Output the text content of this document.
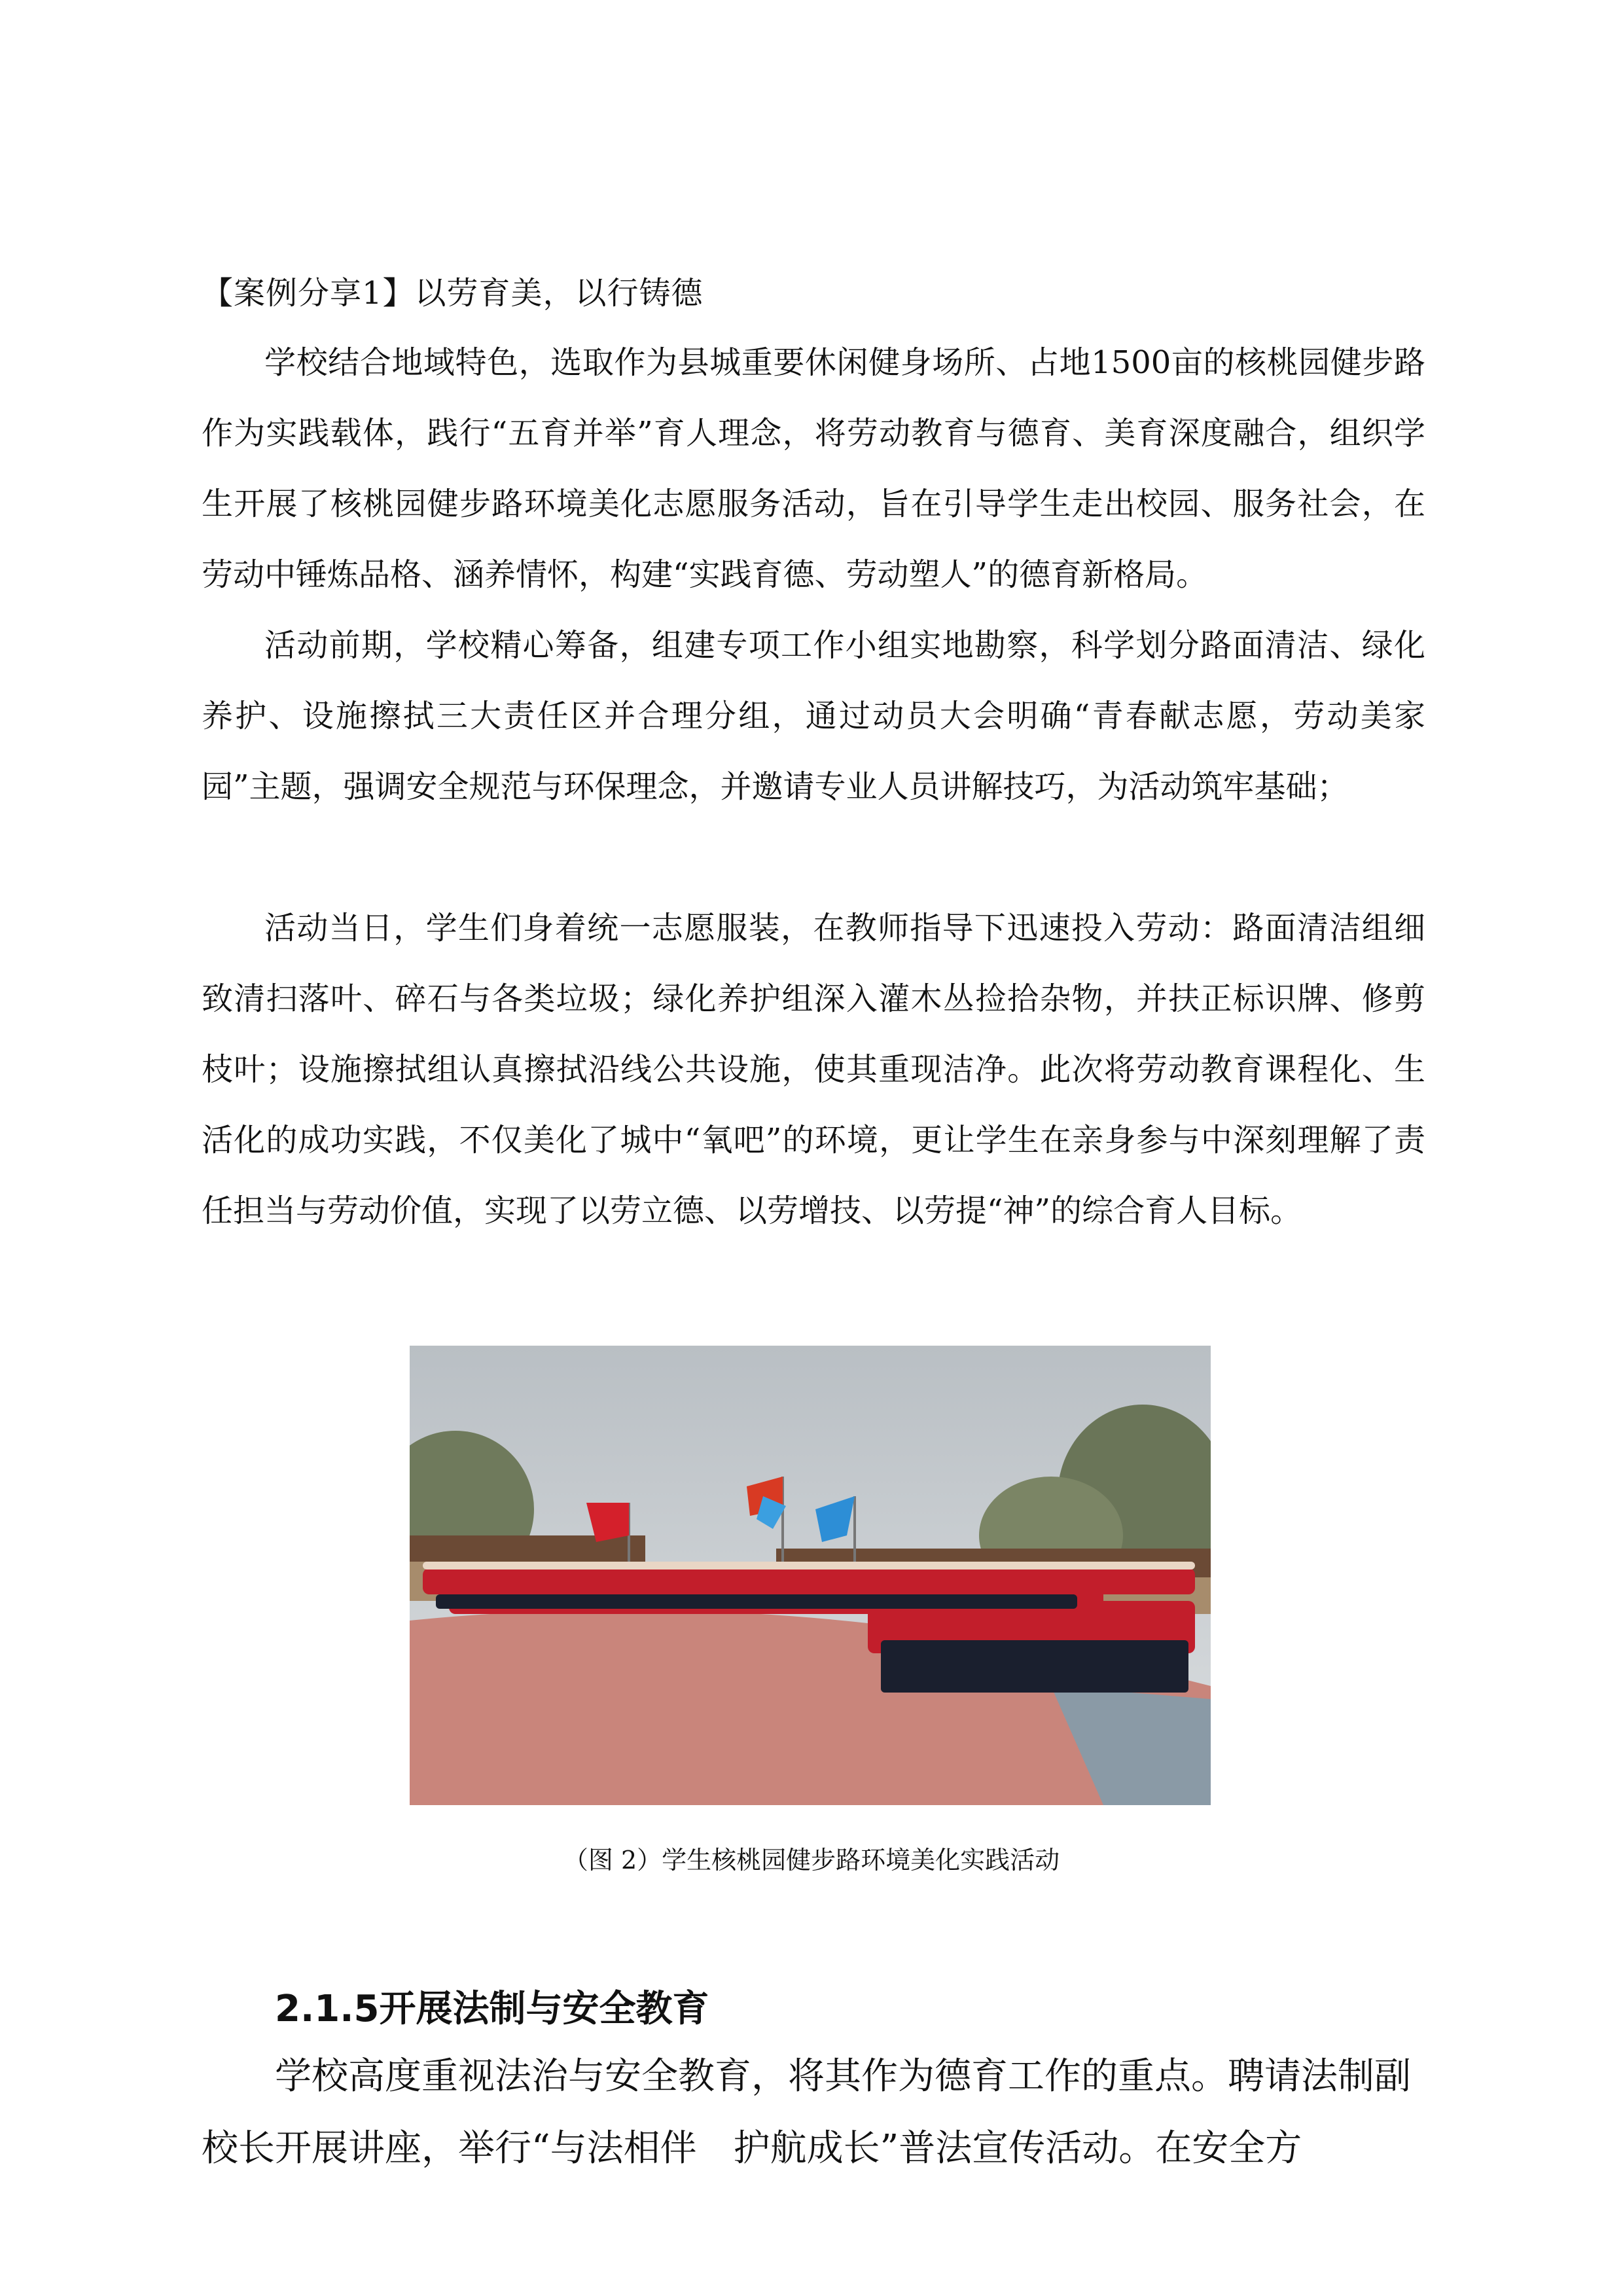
【案例分享1】以劳育美，以行铸德

学校结合地域特色，选取作为县城重要休闲健身场所、占地1500亩的核桃园健步路作为实践载体，践行“五育并举”育人理念，将劳动教育与德育、美育深度融合，组织学生开展了核桃园健步路环境美化志愿服务活动，旨在引导学生走出校园、服务社会，在劳动中锤炼品格、涵养情怀，构建“实践育德、劳动塑人”的德育新格局。

活动前期，学校精心筹备，组建专项工作小组实地勘察，科学划分路面清洁、绿化养护、设施擦拭三大责任区并合理分组，通过动员大会明确“青春献志愿，劳动美家园”主题，强调安全规范与环保理念，并邀请专业人员讲解技巧，为活动筑牢基础；

活动当日，学生们身着统一志愿服装，在教师指导下迅速投入劳动：路面清洁组细致清扫落叶、碎石与各类垃圾；绿化养护组深入灌木丛捡拾杂物，并扶正标识牌、修剪枝叶；设施擦拭组认真擦拭沿线公共设施，使其重现洁净。此次将劳动教育课程化、生活化的成功实践，不仅美化了城中“氧吧”的环境，更让学生在亲身参与中深刻理解了责任担当与劳动价值，实现了以劳立德、以劳增技、以劳提“神”的综合育人目标。

（图 2）学生核桃园健步路环境美化实践活动
2.1.5开展法制与安全教育

学校高度重视法治与安全教育，将其作为德育工作的重点。聘请法制副校长开展讲座，举行“与法相伴　护航成长”普法宣传活动。在安全方
